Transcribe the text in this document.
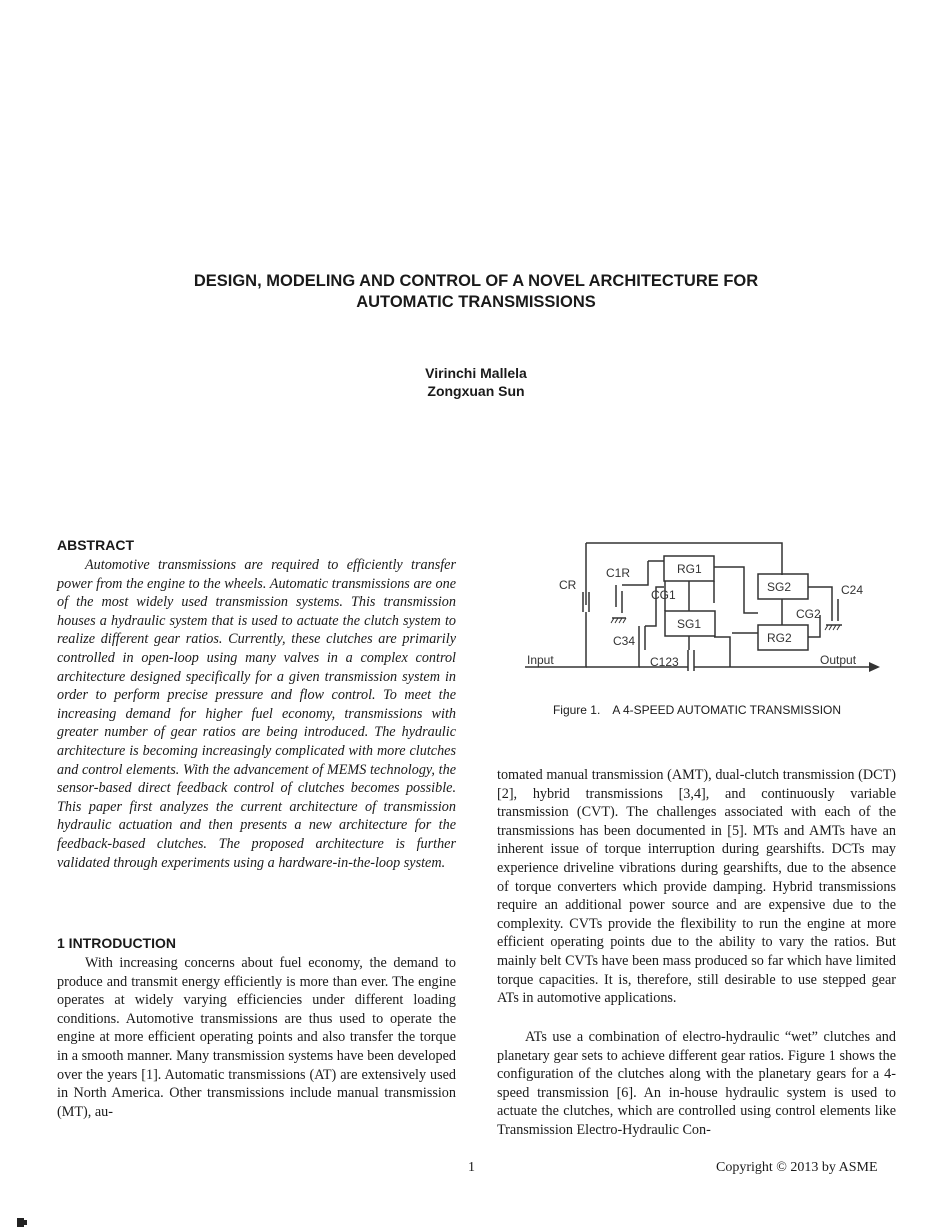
DESIGN, MODELING AND CONTROL OF A NOVEL ARCHITECTURE FOR
AUTOMATIC TRANSMISSIONS
Virinchi Mallela
Zongxuan Sun
ABSTRACT

Automotive transmissions are required to efficiently transfer power from the engine to the wheels. Automatic transmissions are one of the most widely used transmission systems. This transmission houses a hydraulic system that is used to actuate the clutch system to realize different gear ratios. Currently, these clutches are primarily controlled in open-loop using many valves in a complex control architecture designed specifically for a given transmission system in order to perform precise pressure and flow control. To meet the increasing demand for higher fuel economy, transmissions with greater number of gear ratios are being introduced. The hydraulic architecture is becoming increasingly complicated with more clutches and control elements. With the advancement of MEMS technology, the sensor-based direct feedback control of clutches becomes possible. This paper first analyzes the current architecture of transmission hydraulic actuation and then presents a new architecture for the feedback-based clutches. The proposed architecture is further validated through experiments using a hardware-in-the-loop system.

1 INTRODUCTION

With increasing concerns about fuel economy, the demand to produce and transmit energy efficiently is more than ever. The engine operates at widely varying efficiencies under different loading conditions. Automotive transmissions are thus used to operate the engine at more efficient operating points and also transfer the torque in a smooth manner. Many transmission systems have been developed over the years [1]. Automatic transmissions (AT) are extensively used in North America. Other transmissions include manual transmission (MT), au-

tomated manual transmission (AMT), dual-clutch transmission (DCT) [2], hybrid transmissions [3,4], and continuously variable transmission (CVT). The challenges associated with each of the transmissions has been documented in [5]. MTs and AMTs have an inherent issue of torque interruption during gearshifts. DCTs may experience driveline vibrations during gearshifts, due to the absence of torque converters which provide damping. Hybrid transmissions require an additional power source and are expensive due to the complexity. CVTs provide the flexibility to run the engine at more efficient operating points due to the ability to vary the ratios. But mainly belt CVTs have been mass produced so far which have limited torque capacities. It is, therefore, still desirable to use stepped gear ATs in automotive applications.

ATs use a combination of electro-hydraulic “wet” clutches and planetary gear sets to achieve different gear ratios. Figure 1 shows the configuration of the clutches along with the planetary gears for a 4-speed transmission [6]. An in-house hydraulic system is used to actuate the clutches, which are controlled using control elements like Transmission Electro-Hydraulic Con-

CR
C1R	RG1
CG1
SG1
C34
C123
SG2	C24
CG2
RG2
Input	Output
Figure 1. A 4-SPEED AUTOMATIC TRANSMISSION
1	Copyright © 2013 by ASME
